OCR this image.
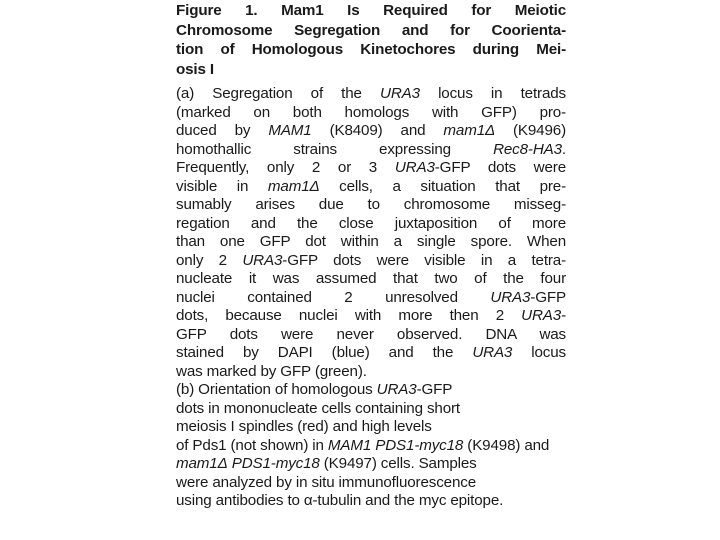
Figure 1. Mam1 Is Required for Meiotic
Chromosome Segregation and for Coorienta-
tion of Homologous Kinetochores during Mei-
osis I
(a) Segregation of the URA3 locus in tetrads
(marked on both homologs with GFP) pro-
duced by MAM1 (K8409) and mam1Δ (K9496)
homothallic strains expressing Rec8-HA3.
Frequently, only 2 or 3 URA3-GFP dots were
visible in mam1Δ cells, a situation that pre-
sumably arises due to chromosome misseg-
regation and the close juxtaposition of more
than one GFP dot within a single spore. When
only 2 URA3-GFP dots were visible in a tetra-
nucleate it was assumed that two of the four
nuclei contained 2 unresolved URA3-GFP
dots, because nuclei with more then 2 URA3-
GFP dots were never observed. DNA was
stained by DAPI (blue) and the URA3 locus
was marked by GFP (green).
(b) Orientation of homologous URA3-GFP
dots in mononucleate cells containing short
meiosis I spindles (red) and high levels
of Pds1 (not shown) in MAM1 PDS1-myc18 (K9498) and
mam1Δ PDS1-myc18 (K9497) cells. Samples
were analyzed by in situ immunofluorescence
using antibodies to α-tubulin and the myc epitope.
